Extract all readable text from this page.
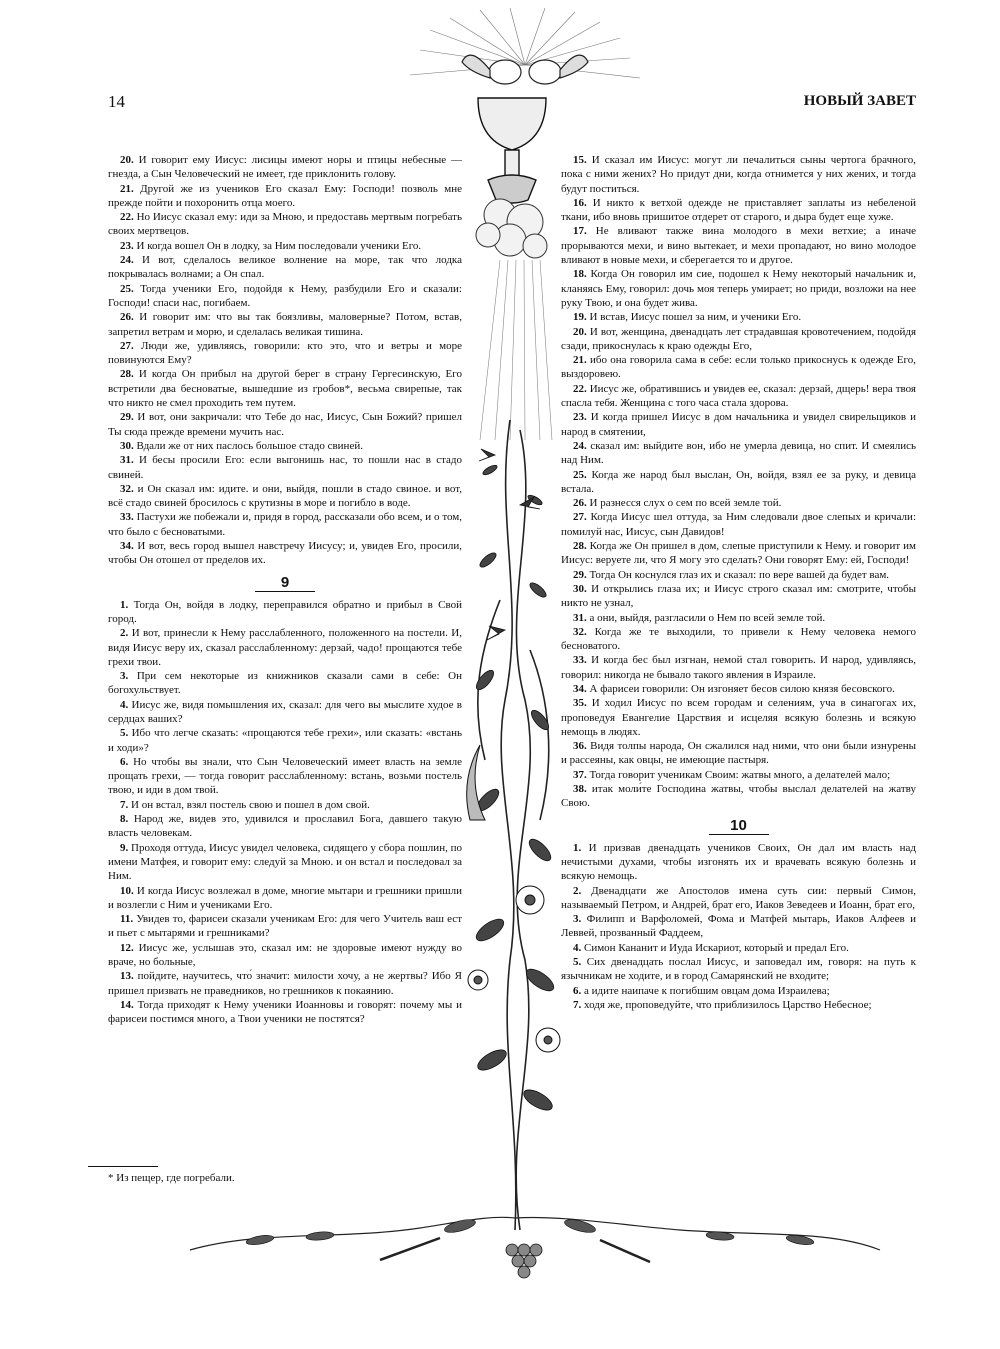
14	НОВЫЙ ЗАВЕТ

20. И говорит ему Иисус: лисицы имеют норы и птицы небесные — гнезда, а Сын Человеческий не имеет, где приклонить голову.

21. Другой же из учеников Его сказал Ему: Господи! позволь мне прежде пойти и похоронить отца моего.

22. Но Иисус сказал ему: иди за Мною, и предоставь мертвым погребать своих мертвецов.

23. И когда вошел Он в лодку, за Ним последовали ученики Его.

24. И вот, сделалось великое волнение на море, так что лодка покрывалась волнами; а Он спал.

25. Тогда ученики Его, подойдя к Нему, разбудили Его и сказали: Господи! спаси нас, погибаем.

26. И говорит им: что вы так боязливы, маловерные? Потом, встав, запретил ветрам и морю, и сделалась великая тишина.

27. Люди же, удивляясь, говорили: кто это, что и ветры и море повинуются Ему?

28. И когда Он прибыл на другой берег в страну Гергесинскую, Его встретили два бесноватые, вышедшие из гробов*, весьма свирепые, так что никто не смел проходить тем путем.

29. И вот, они закричали: что Тебе до нас, Иисус, Сын Божий? пришел Ты сюда прежде времени мучить нас.

30. Вдали же от них паслось большое стадо свиней.

31. И бесы просили Его: если выгонишь нас, то пошли нас в стадо свиней.

32. и Он сказал им: идите. и они, выйдя, пошли в стадо свиное. и вот, всё стадо свиней бросилось с крутизны в море и погибло в воде.

33. Пастухи же побежали и, придя в город, рассказали обо всем, и о том, что было с бесноватыми.

34. И вот, весь город вышел навстречу Иисусу; и, увидев Его, просили, чтобы Он отошел от пределов их.

9

1. Тогда Он, войдя в лодку, переправился обратно и прибыл в Свой город.

2. И вот, принесли к Нему расслабленного, положенного на постели. И, видя Иисус веру их, сказал расслабленному: дерзай, чадо! прощаются тебе грехи твои.

3. При сем некоторые из книжников сказали сами в себе: Он богохульствует.

4. Иисус же, видя помышления их, сказал: для чего вы мыслите худое в сердцах ваших?

5. Ибо что легче сказать: «прощаются тебе грехи», или сказать: «встань и ходи»?

6. Но чтобы вы знали, что Сын Человеческий имеет власть на земле прощать грехи, — тогда говорит расслабленному: встань, возьми постель твою, и иди в дом твой.

7. И он встал, взял постель свою и пошел в дом свой.

8. Народ же, видев это, удивился и прославил Бога, давшего такую власть человекам.

9. Проходя оттуда, Иисус увидел человека, сидящего у сбора пошлин, по имени Матфея, и говорит ему: следуй за Мною. и он встал и последовал за Ним.

10. И когда Иисус возлежал в доме, многие мытари и грешники пришли и возлегли с Ним и учениками Его.

11. Увидев то, фарисеи сказали ученикам Его: для чего Учитель ваш ест и пьет с мытарями и грешниками?

12. Иисус же, услышав это, сказал им: не здоровые имеют нужду во враче, но больные,

13. пойдите, научитесь, что́ значит: милости хочу, а не жертвы? Ибо Я пришел призвать не праведников, но грешников к покаянию.

14. Тогда приходят к Нему ученики Иоанновы и говорят: почему мы и фарисеи постимся много, а Твои ученики не постятся?

15. И сказал им Иисус: могут ли печалиться сыны чертога брачного, пока с ними жених? Но придут дни, когда отнимется у них жених, и тогда будут поститься.

16. И никто к ветхой одежде не приставляет заплаты из небеленой ткани, ибо вновь пришитое отдерет от старого, и дыра будет еще хуже.

17. Не вливают также вина молодого в мехи ветхие; а иначе прорываются мехи, и вино вытекает, и мехи пропадают, но вино молодое вливают в новые мехи, и сберегается то и другое.

18. Когда Он говорил им сие, подошел к Нему некоторый начальник и, кланяясь Ему, говорил: дочь моя теперь умирает; но приди, возложи на нее руку Твою, и она будет жива.

19. И встав, Иисус пошел за ним, и ученики Его.

20. И вот, женщина, двенадцать лет страдавшая кровотечением, подойдя сзади, прикоснулась к краю одежды Его,

21. ибо она говорила сама в себе: если только прикоснусь к одежде Его, выздоровею.

22. Иисус же, обратившись и увидев ее, сказал: дерзай, дщерь! вера твоя спасла тебя. Женщина с того часа стала здорова.

23. И когда пришел Иисус в дом начальника и увидел свирельщиков и народ в смятении,

24. сказал им: выйдите вон, ибо не умерла девица, но спит. И смеялись над Ним.

25. Когда же народ был выслан, Он, войдя, взял ее за руку, и девица встала.

26. И разнесся слух о сем по всей земле той.

27. Когда Иисус шел оттуда, за Ним следовали двое слепых и кричали: помилуй нас, Иисус, сын Давидов!

28. Когда же Он пришел в дом, слепые приступили к Нему. и говорит им Иисус: веруете ли, что Я могу это сделать? Они говорят Ему: ей, Господи!

29. Тогда Он коснулся глаз их и сказал: по вере вашей да будет вам.

30. И открылись глаза их; и Иисус строго сказал им: смотрите, чтобы никто не узнал,

31. а они, выйдя, разгласили о Нем по всей земле той.

32. Когда же те выходили, то привели к Нему человека немого бесноватого.

33. И когда бес был изгнан, немой стал говорить. И народ, удивляясь, говорил: никогда не бывало такого явления в Израиле.

34. А фарисеи говорили: Он изгоняет бесов силою князя бесовского.

35. И ходил Иисус по всем городам и селениям, уча в синагогах их, проповедуя Евангелие Царствия и исцеляя всякую болезнь и всякую немощь в людях.

36. Видя толпы народа, Он сжалился над ними, что они были изнурены и рассеяны, как овцы, не имеющие пастыря.

37. Тогда говорит ученикам Своим: жатвы много, а делателей мало;

38. итак моли́те Господина жатвы, чтобы выслал делателей на жатву Свою.

10

1. И призвав двенадцать учеников Своих, Он дал им власть над нечистыми духами, чтобы изгонять их и врачевать всякую болезнь и всякую немощь.

2. Двенадцати же Апостолов имена суть сии: первый Симон, называемый Петром, и Андрей, брат его, Иаков Зеведеев и Иоанн, брат его,

3. Филипп и Варфоломей, Фома и Матфей мытарь, Иаков Алфеев и Леввей, прозванный Фаддеем,

4. Симон Кананит и Иуда Искариот, который и предал Его.

5. Сих двенадцать послал Иисус, и заповедал им, говоря: на путь к язычникам не ходите, и в город Самарянский не входите;

6. а идите наипаче к погибшим овцам дома Израилева;

7. ходя же, проповедуйте, что приблизилось Царство Небесное;

* Из пещер, где погребали.
